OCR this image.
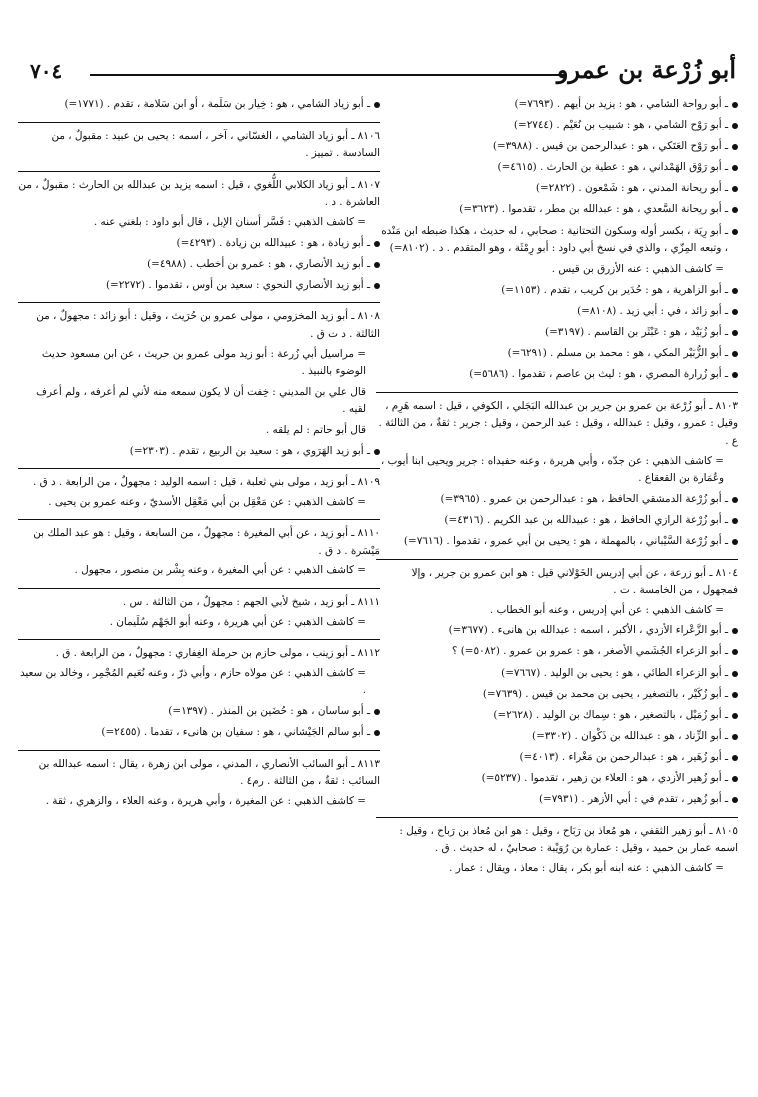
أبو زُرْعة بن عمرو
٧٠٤

ـ أبو رواحة الشامي ، هو : يزيد بن أيهم . (٧٦٩٣=)

ـ أبو رَوْح الشامي ، هو : شبيب بن نُعَيْم . (٢٧٤٤=)

ـ أبو رَوْح العَتَكي ، هو : عبدالرحمن بن قيس . (٣٩٨٨=)

ـ أبو رَوْق الهَمْداني ، هو : عطية بن الحارث . (٤٦١٥=)

ـ أبو ريحانة المدني ، هو : شَمْعون . (٢٨٢٢=)

ـ أبو ريحانة السَّعدي ، هو : عبدالله بن مطر ، تقدموا . (٣٦٢٣=)

ـ أبو رِيَة ، بكسر أوله وسكون التحتانية : صحابي ، له حديث ، هكذا ضبطه ابن مَنْده ، وتبعه المِزّي ، والذي في نسخ أبي داود : أبو رِمْثَة ، وهو المتقدم . د . (٨١٠٢=)

= كاشف الذهبي : عنه الأزرق بن قيس .

ـ أبو الزاهرية ، هو : حُدَير بن كريب ، تقدم . (١١٥٣=)

ـ أبو زائد ، في : أبي زيد . (٨١٠٨=)

ـ أبو زُبَيْد ، هو : عَبْثَر بن القاسم . (٣١٩٧=)

ـ أبو الزُّبَيْر المكي ، هو : محمد بن مسلم . (٦٢٩١=)

ـ أبو زُرارة المصري ، هو : ليث بن عاصم ، تقدموا . (٥٦٨٦=)

٨١٠٣ ـ أبو زُرْعة بن عمرو بن جرير بن عبدالله البَجَلي ، الكوفي ، قيل : اسمه هَرِم ، وقيل : عمرو ، وقيل : عبدالله ، وقيل : عبد الرحمن ، وقيل : جرير : ثقةٌ ، من الثالثة . ع .

= كاشف الذهبي : عن جدّه ، وأبي هريرة ، وعنه حفيداه : جرير ويحيى ابنا أيوب ، وعُمَارة بن القعقاع .

ـ أبو زُرْعة الدمشقي الحافظ ، هو : عبدالرحمن بن عمرو . (٣٩٦٥=)

ـ أبو زُرْعة الرازي الحافظ ، هو : عبيدالله بن عبد الكريم . (٤٣١٦=)

ـ أبو زُرْعة السَّيْباني ، بالمهملة ، هو : يحيى بن أبي عمرو ، تقدموا . (٧٦١٦=)

٨١٠٤ ـ أبو زرعة ، عن أبي إدريس الخَوْلاني قيل : هو ابن عمرو بن جرير ، وإلا فمجهول ، من الخامسة . ت .

= كاشف الذهبي : عن أبي إدريس ، وعنه أبو الخطاب .

ـ أبو الزَّعْراء الأزدي ، الأكبر ، اسمه : عبدالله بن هانىء . (٣٦٧٧=)

ـ أبو الزعراء الجُشَمي الأصغر ، هو : عمرو بن عمرو . (٥٠٨٢=) ؟

ـ أبو الزعراء الطائي ، هو : يحيى بن الوليد . (٧٦٦٧=)

ـ أبو زُكَيْر ، بالتصغير ، يحيى بن محمد بن قيس . (٧٦٣٩=)

ـ أبو زُمَيْل ، بالتصغير ، هو : سِماك بن الوليد . (٢٦٢٨=)

ـ أبو الزِّناد ، هو : عبدالله بن ذَكْوان . (٣٣٠٢=)

ـ أبو زُهَير ، هو : عبدالرحمن بن مَغْراء . (٤٠١٣=)

ـ أبو زُهير الأزدي ، هو : العلاء بن زهير ، تقدموا . (٥٢٣٧=)

ـ أبو زُهير ، تقدم في : أبي الأزهر . (٧٩٣١=)

٨١٠٥ ـ أبو زهير الثقفي ، هو مُعاذ بن رَبَاح ، وقيل : هو ابن مُعاذ بن رَباح ، وقيل : اسمه عمار بن حميد ، وقيل : عمارة بن رُوَيْبة : صحابيٌ ، له حديث . ق .

= كاشف الذهبي : عنه ابنه أبو بكر ، يقال : معاذ ، ويقال : عمار .

ـ أبو زياد الشامي ، هو : خِيار بن سَلَمة ، أو ابن سَلامة ، تقدم . (١٧٧١=)

٨١٠٦ ـ أبو زياد الشامي ، الغسّاني ، آخر ، اسمه : يحيى بن عبيد : مقبولٌ ، من السادسة . تمييز .

٨١٠٧ ـ أبو زياد الكلابي اللُّغوي ، قيل : اسمه يزيد بن عبدالله بن الحارث : مقبولٌ ، من العاشرة . د .

= كاشف الذهبي : فَسَّر أسنان الإبل ، قال أبو داود : بلغني عنه .

ـ أبو زيادة ، هو : عبيدالله بن زيادة . (٤٢٩٣=)

ـ أبو زيد الأنصاري ، هو : عمرو بن أخطب . (٤٩٨٨=)

ـ أبو زيد الأنصاري النحوي : سعيد بن أوس ، تقدموا . (٢٢٧٢=)

٨١٠٨ ـ أبو زيد المخزومي ، مولى عمرو بن حُرَيث ، وقيل : أبو زائد : مجهولٌ ، من الثالثة . د ت ق .

= مراسيل أبي زُرعة : أبو زيد مولى عمرو بن حريث ، عن ابن مسعود حديث الوضوء بالنبيذ .

قال علي بن المديني : خِفت أن لا يكون سمعه منه لأني لم أعرفه ، ولم أعرف لقيه .

قال أبو حاتم : لم يلقه .

ـ أبو زيد الهَرَوي ، هو : سعيد بن الربيع ، تقدم . (٢٣٠٣=)

٨١٠٩ ـ أبو زيد ، مولى بني ثعلبة ، قيل : اسمه الوليد : مجهولٌ ، من الرابعة . د ق .

= كاشف الذهبي : عن مَعْقِل بن أبي مَعْقِل الأسديّ ، وعنه عمرو بن يحيى .

٨١١٠ ـ أبو زيد ، عن أبي المغيرة : مجهولٌ ، من السابعة ، وقيل : هو عبد الملك بن مَيْسَرة . د ق .

= كاشف الذهبي : عن أبي المغيرة ، وعنه بِشْر بن منصور ، مجهول .

٨١١١ ـ أبو زيد ، شيخ لأبي الجهم : مجهولٌ ، من الثالثة . س .

= كاشف الذهبي : عن أبي هريرة ، وعنه أبو الجَهْم سُلَيمان .

٨١١٢ ـ أبو زينب ، مولى حازم بن حرملة الغِفاري : مجهولٌ ، من الرابعة . ق .

= كاشف الذهبي : عن مولاه حازم ، وأبي ذرّ ، وعنه نُعَيم المُجْمِر ، وخالد بن سعيد .

ـ أبو ساسان ، هو : حُضَين بن المنذر . (١٣٩٧=)

ـ أبو سالم الجَيْشاني ، هو : سفيان بن هانىء ، تقدما . (٢٤٥٥=)

٨١١٣ ـ أبو السائب الأنصاري ، المدني ، مولى ابن زهرة ، يقال : اسمه عبدالله بن السائب : ثقةٌ ، من الثالثة . رم٤ .

= كاشف الذهبي : عن المغيرة ، وأبي هريرة ، وعنه العلاء ، والزهري ، ثقة .
